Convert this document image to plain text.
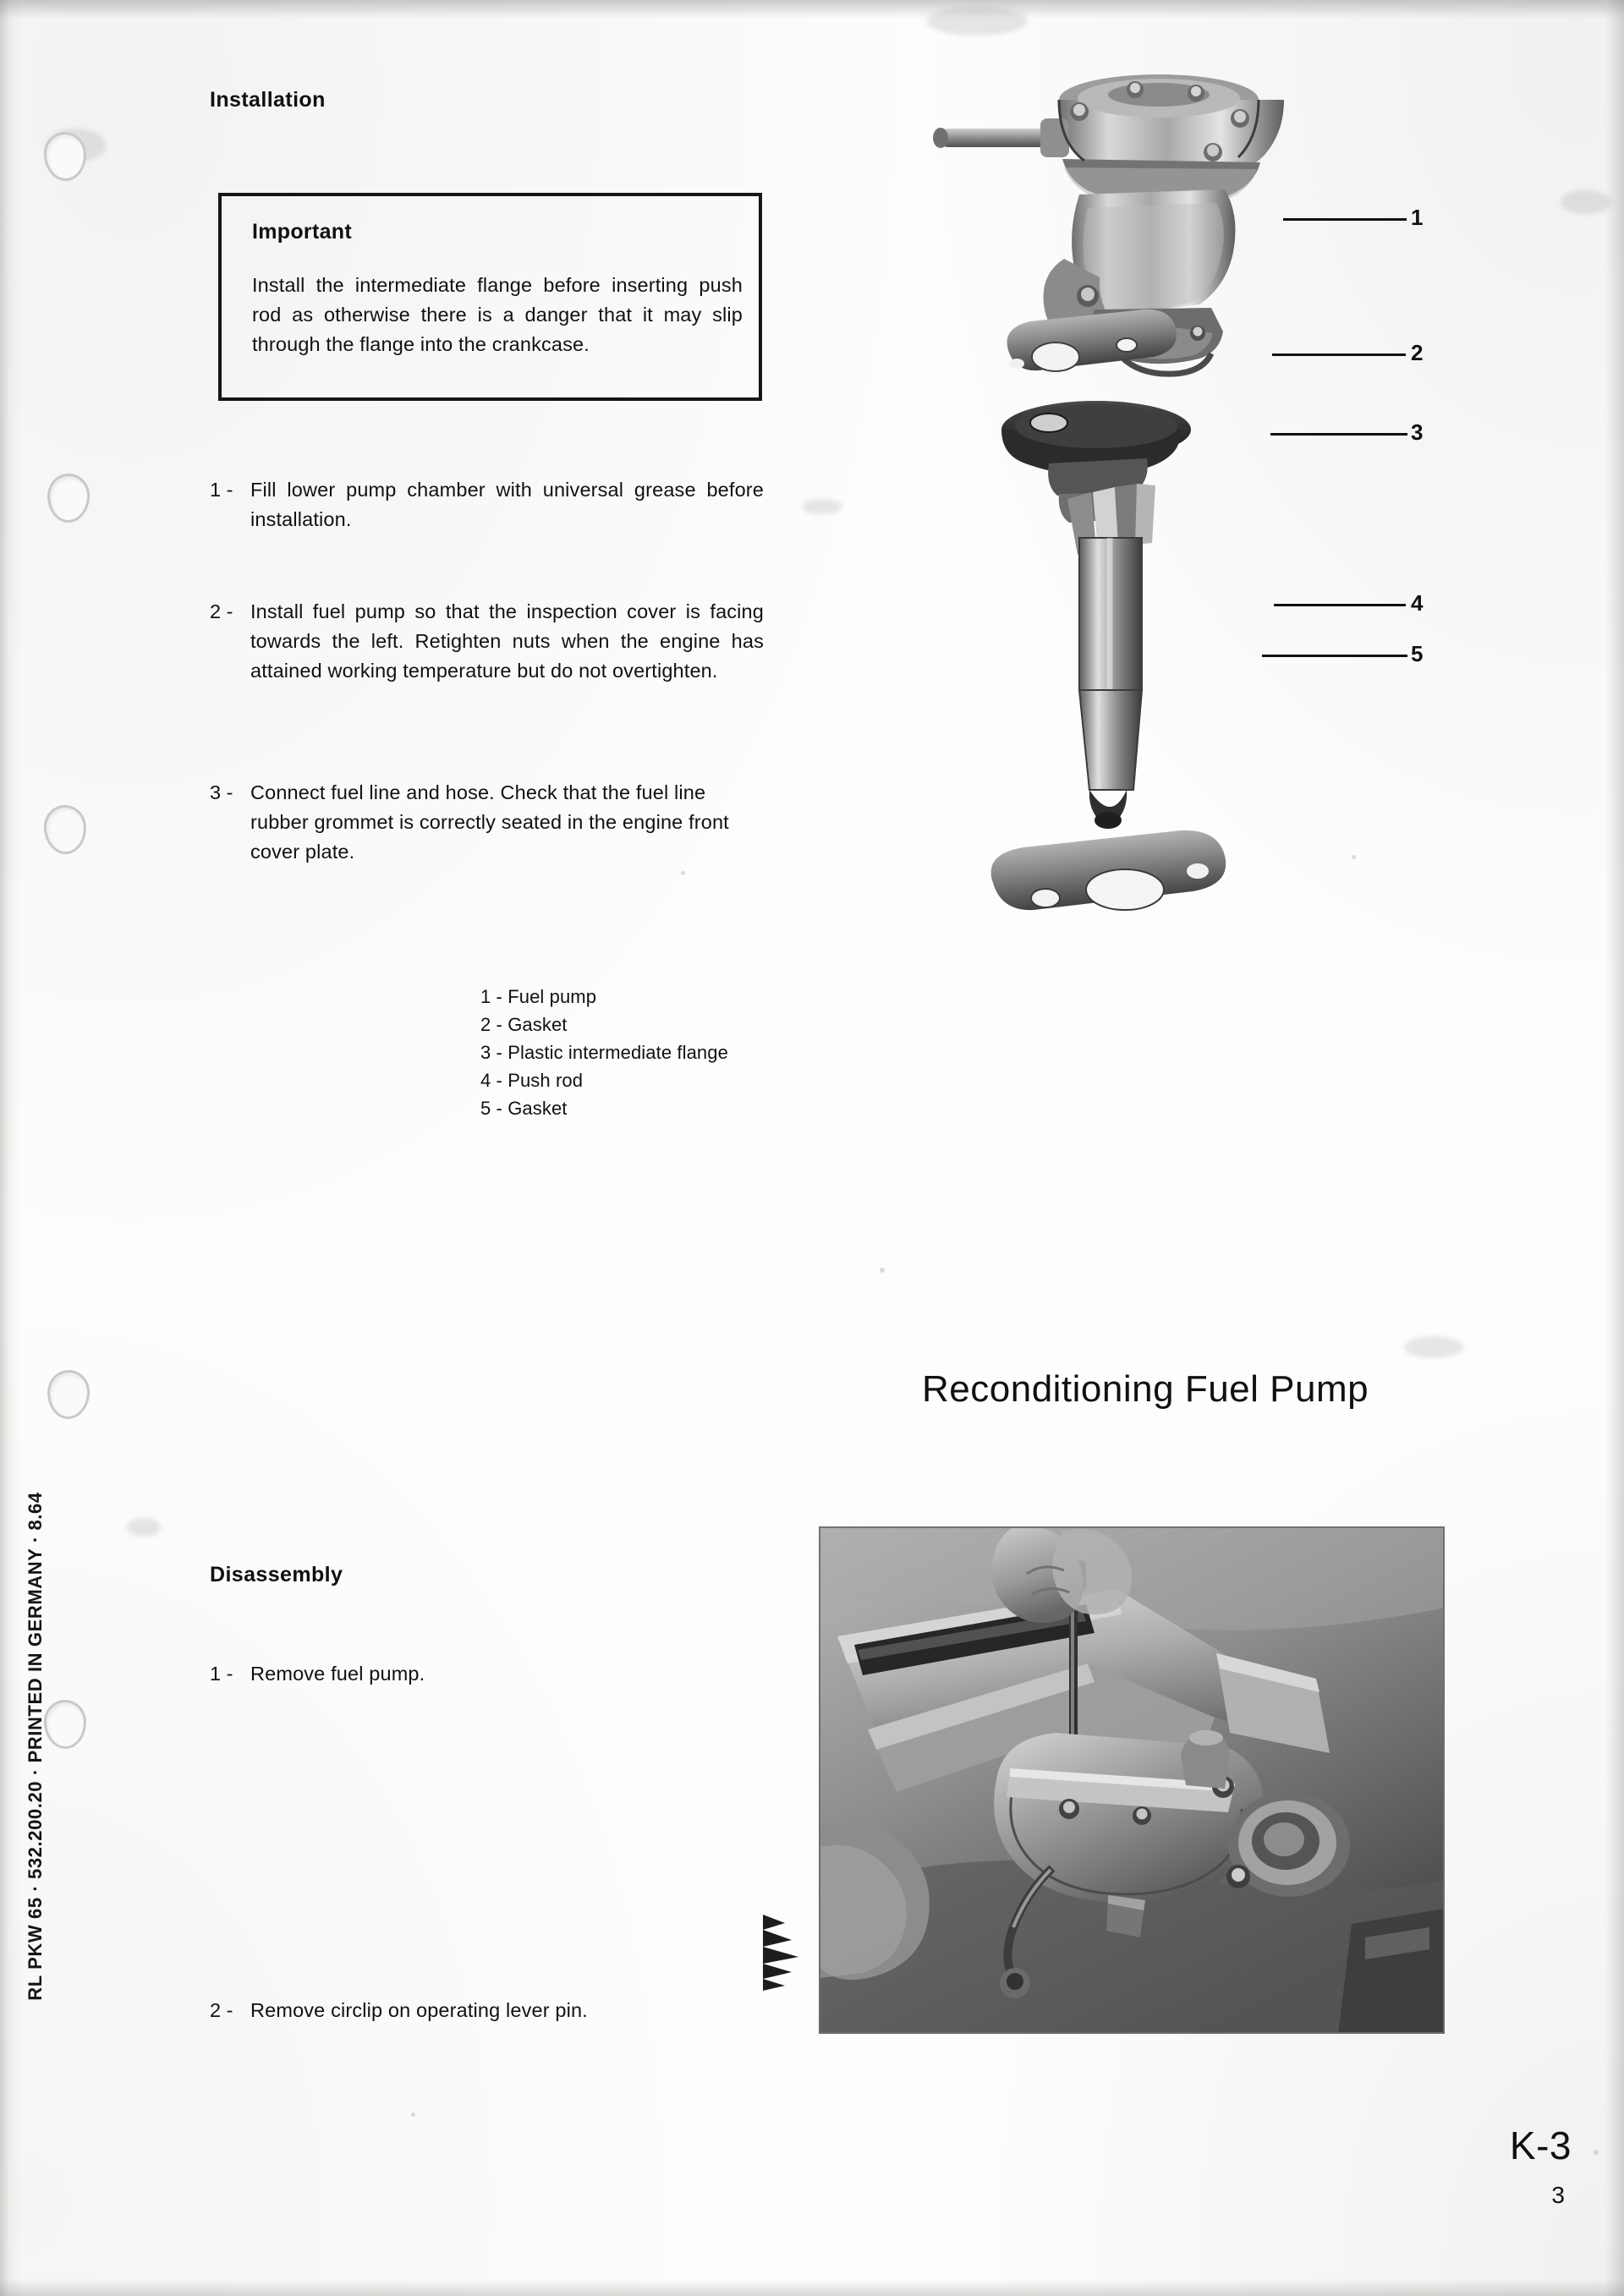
Installation
Important
Install the intermediate flange before inserting push rod as otherwise there is a danger that it may slip through the flange into the crankcase.
1 - Fill lower pump chamber with universal grease before installation.
2 - Install fuel pump so that the inspection cover is facing towards the left. Retighten nuts when the engine has attained working temperature but do not overtighten.
3 - Connect fuel line and hose. Check that the fuel line rubber grommet is correctly seated in the engine front cover plate.
1 - Fuel pump
2 - Gasket
3 - Plastic intermediate flange
4 - Push rod
5 - Gasket
1
2
3
4
5
Reconditioning Fuel Pump
Disassembly
1 - Remove fuel pump.
2 - Remove circlip on operating lever pin.
RL PKW 65 · 532.200.20 · PRINTED IN GERMANY · 8.64
K-3
3
